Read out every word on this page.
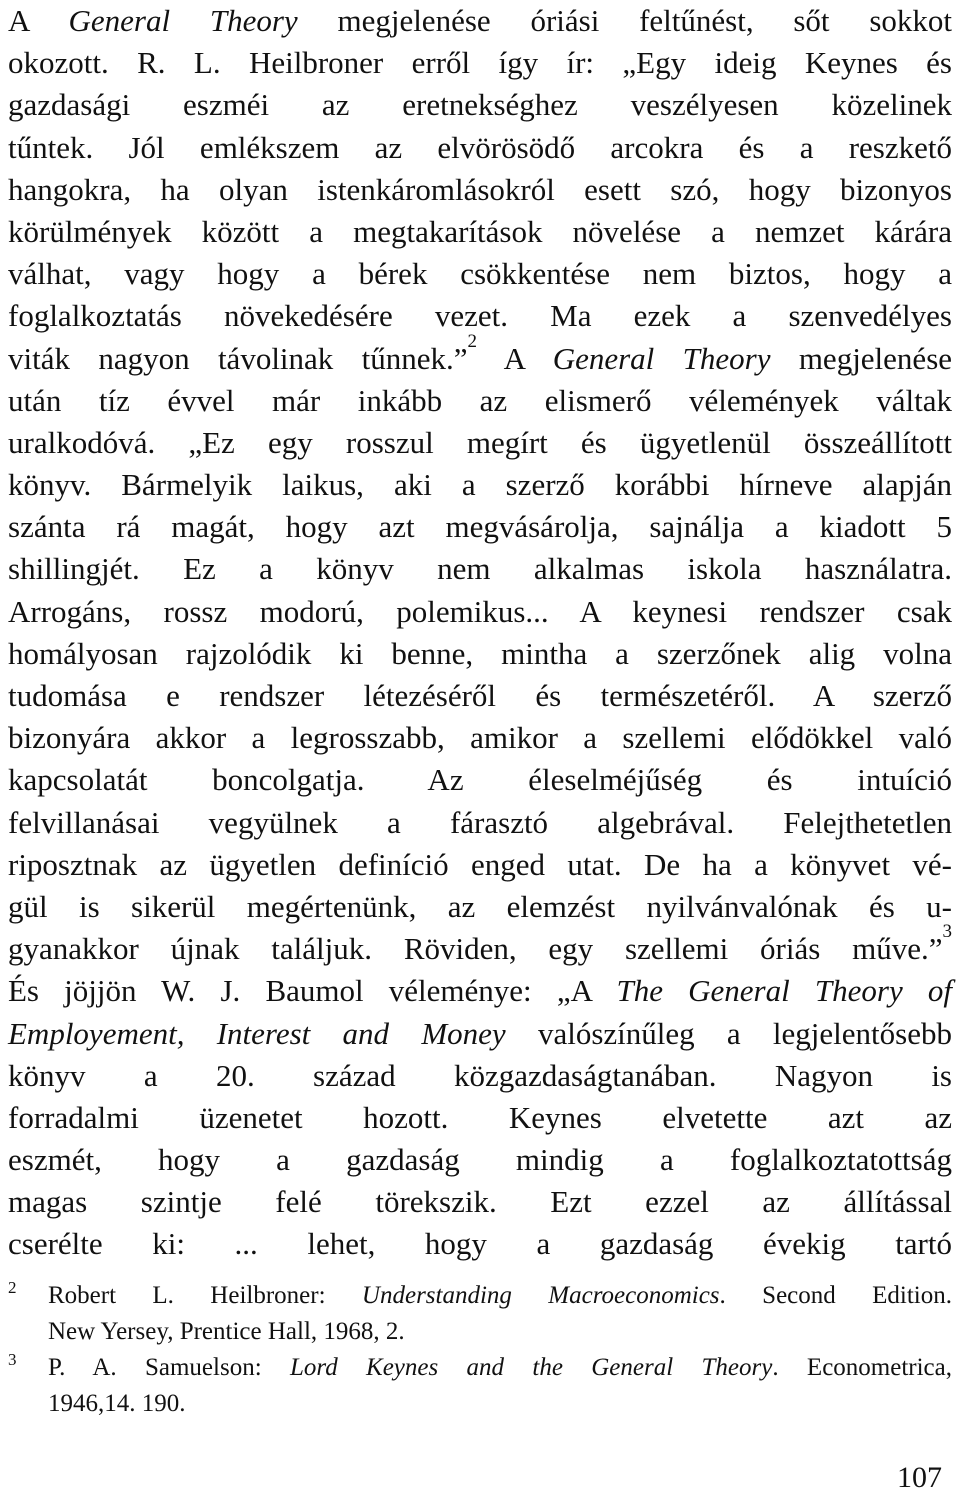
A General Theory megjelenése óriási feltűnést, sőt sokkot
okozott. R. L. Heilbroner erről így ír: „Egy ideig Keynes és
gazdasági eszméi az eretnekséghez veszélyesen közelinek
tűntek. Jól emlékszem az elvörösödő arcokra és a reszkető
hangokra, ha olyan istenkáromlásokról esett szó, hogy bizonyos
körülmények között a megtakarítások növelése a nemzet kárára
válhat, vagy hogy a bérek csökkentése nem biztos, hogy a
foglalkoztatás növekedésére vezet. Ma ezek a szenvedélyes
viták nagyon távolinak tűnnek.”$^2$ A General Theory megjelenése
után tíz évvel már inkább az elismerő vélemények váltak
uralkodóvá. „Ez egy rosszul megírt és ügyetlenül összeállított
könyv. Bármelyik laikus, aki a szerző korábbi hírneve alapján
szánta rá magát, hogy azt megvásárolja, sajnálja a kiadott 5
shillingjét. Ez a könyv nem alkalmas iskola használatra.
Arrogáns, rossz modorú, polemikus... A keynesi rendszer csak
homályosan rajzolódik ki benne, mintha a szerzőnek alig volna
tudomása e rendszer létezéséről és természetéről. A szerző
bizonyára akkor a legrosszabb, amikor a szellemi elődökkel való
kapcsolatát boncolgatja. Az éleselméjűség és intuíció
felvillanásai vegyülnek a fárasztó algebrával. Felejthetetlen
riposztnak az ügyetlen definíció enged utat. De ha a könyvet vé-
gül is sikerül megértenünk, az elemzést nyilvánvalónak és u-
gyanakkor újnak találjuk. Röviden, egy szellemi óriás műve.”$^3$
És jöjjön W. J. Baumol véleménye: „A The General Theory of
Employement, Interest and Money valószínűleg a legjelentősebb
könyv a 20. század közgazdaságtanában. Nagyon is
forradalmi üzenetet hozott. Keynes elvetette azt az
eszmét, hogy a gazdaság mindig a foglalkoztatottság
magas szintje felé törekszik. Ezt ezzel az állítással
cserélte ki: ... lehet, hogy a gazdaság évekig tartó
2 Robert L. Heilbroner: Understanding Macroeconomics. Second Edition.
New Yersey, Prentice Hall, 1968, 2.
3 P. A. Samuelson: Lord Keynes and the General Theory. Econometrica,
1946,14. 190.
107
